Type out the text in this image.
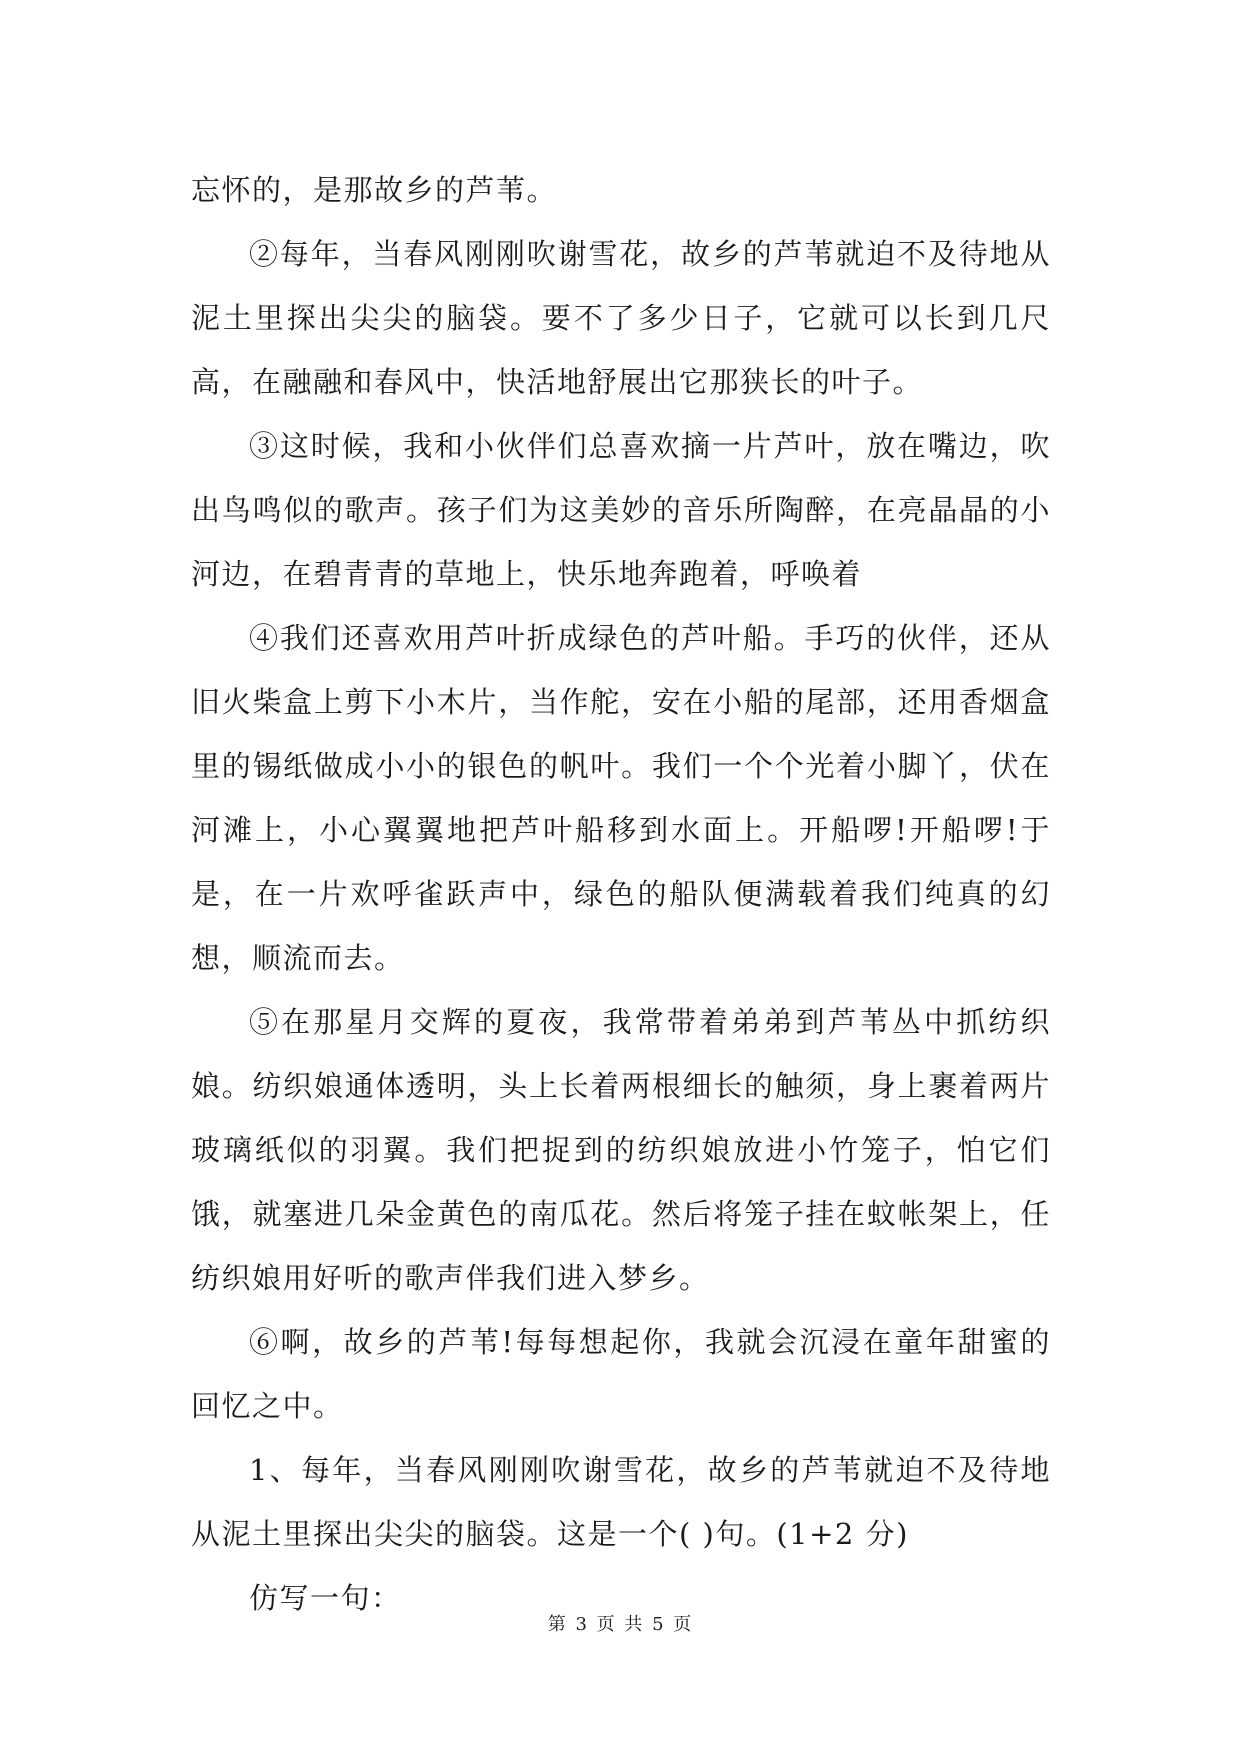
忘怀的，是那故乡的芦苇。

②每年，当春风刚刚吹谢雪花，故乡的芦苇就迫不及待地从泥土里探出尖尖的脑袋。要不了多少日子，它就可以长到几尺高，在融融和春风中，快活地舒展出它那狭长的叶子。

③这时候，我和小伙伴们总喜欢摘一片芦叶，放在嘴边，吹出鸟鸣似的歌声。孩子们为这美妙的音乐所陶醉，在亮晶晶的小河边，在碧青青的草地上，快乐地奔跑着，呼唤着

④我们还喜欢用芦叶折成绿色的芦叶船。手巧的伙伴，还从旧火柴盒上剪下小木片，当作舵，安在小船的尾部，还用香烟盒里的锡纸做成小小的银色的帆叶。我们一个个光着小脚丫，伏在河滩上，小心翼翼地把芦叶船移到水面上。开船啰!开船啰!于是，在一片欢呼雀跃声中，绿色的船队便满载着我们纯真的幻想，顺流而去。

⑤在那星月交辉的夏夜，我常带着弟弟到芦苇丛中抓纺织娘。纺织娘通体透明，头上长着两根细长的触须，身上裹着两片玻璃纸似的羽翼。我们把捉到的纺织娘放进小竹笼子，怕它们饿，就塞进几朵金黄色的南瓜花。然后将笼子挂在蚊帐架上，任纺织娘用好听的歌声伴我们进入梦乡。

⑥啊，故乡的芦苇!每每想起你，我就会沉浸在童年甜蜜的回忆之中。

1、每年，当春风刚刚吹谢雪花，故乡的芦苇就迫不及待地从泥土里探出尖尖的脑袋。这是一个( )句。(1+2 分)

仿写一句：

第 3 页 共 5 页
